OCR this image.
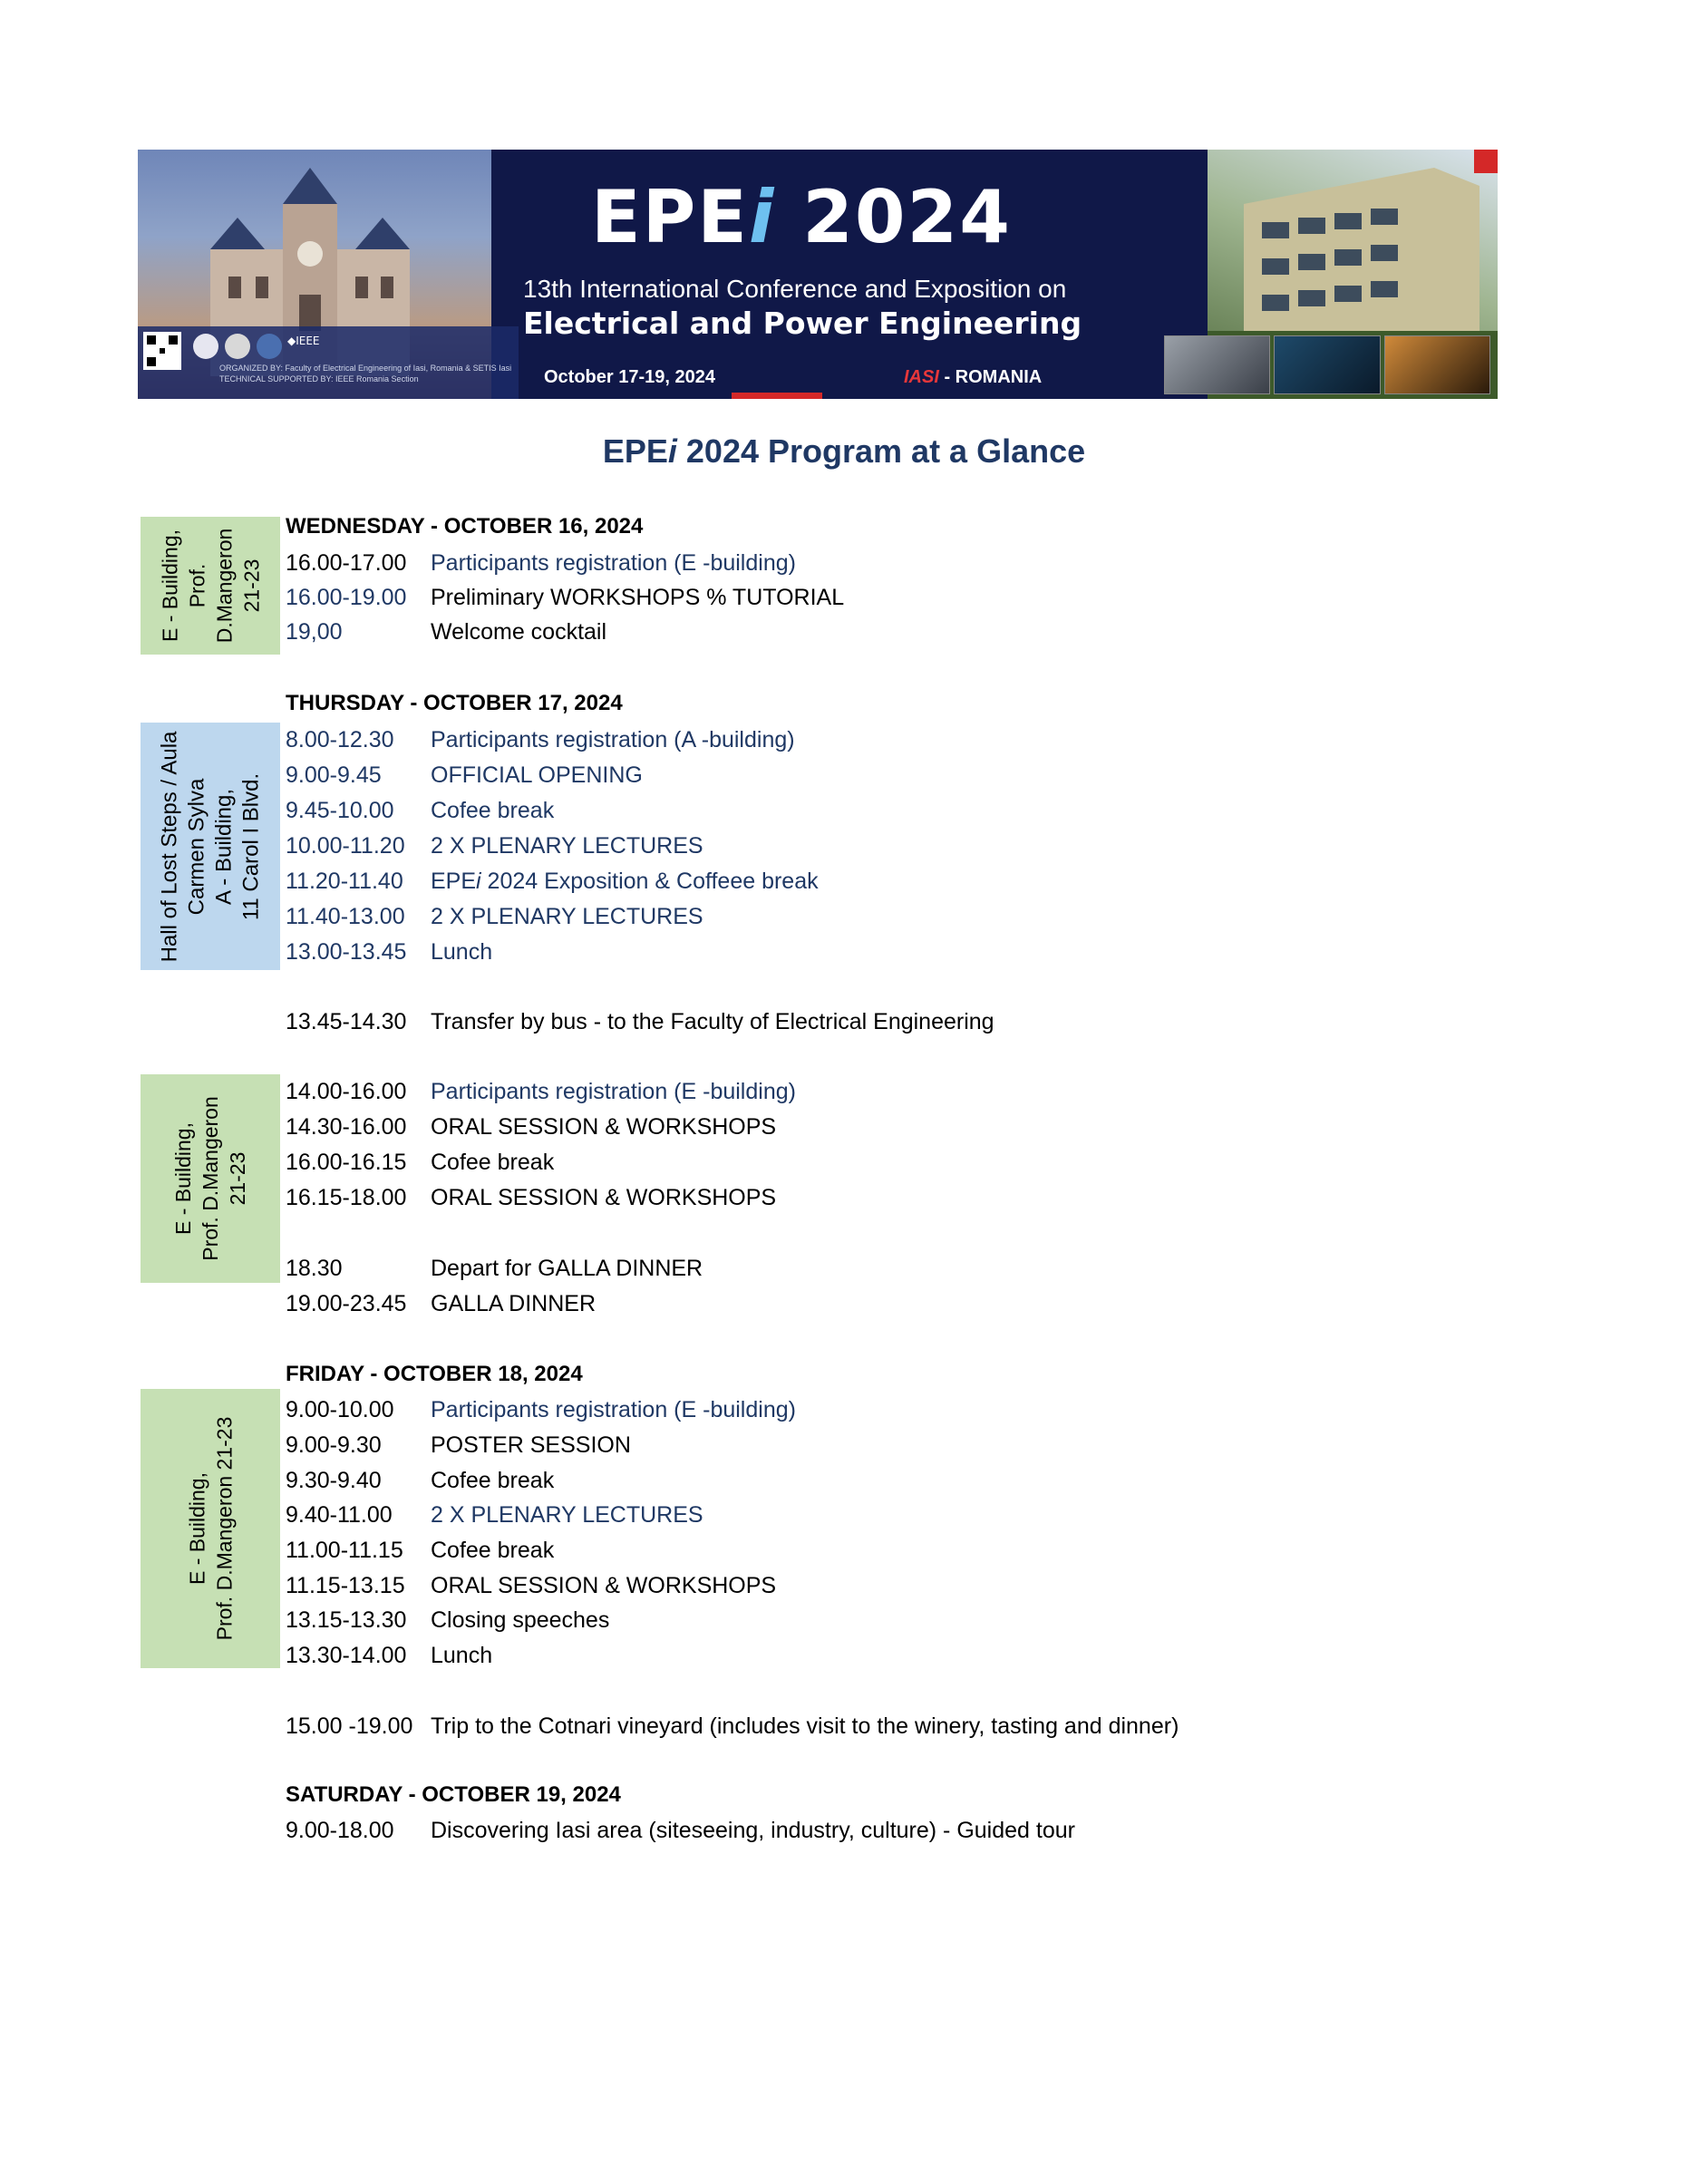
◆IEEE
ORGANIZED BY: Faculty of Electrical Engineering of Iasi, Romania & SETIS Iasi
TECHNICAL SUPPORTED BY: IEEE Romania Section
EPEi 2024
13th International Conference and Exposition on
Electrical and Power Engineering
October 17-19, 2024	IASI - ROMANIA
EPEi 2024 Program at a Glance
E - Building, Prof. D.Mangeron 21-23
Hall of Lost Steps / Aula Carmen Sylva A - Building, 11 Carol I Blvd.
E - Building, Prof. D.Mangeron 21-23
E - Building, Prof. D.Mangeron 21-23
WEDNESDAY - OCTOBER 16, 2024
16.00-17.00 Participants registration (E -building)
16.00-19.00 Preliminary WORKSHOPS % TUTORIAL
19,00	Welcome cocktail
THURSDAY - OCTOBER 17, 2024
8.00-12.30 Participants registration (A -building)
9.00-9.45 OFFICIAL OPENING
9.45-10.00 Cofee break
10.00-11.20 2 X PLENARY LECTURES
11.20-11.40 EPEi 2024 Exposition & Coffeee break
11.40-13.00 2 X PLENARY LECTURES
13.00-13.45 Lunch
13.45-14.30 Transfer by bus - to the Faculty of Electrical Engineering
14.00-16.00 Participants registration (E -building)
14.30-16.00 ORAL SESSION & WORKSHOPS
16.00-16.15 Cofee break
16.15-18.00 ORAL SESSION & WORKSHOPS
18.30	Depart for GALLA DINNER
19.00-23.45 GALLA DINNER
FRIDAY - OCTOBER 18, 2024
9.00-10.00 Participants registration (E -building)
9.00-9.30 POSTER SESSION
9.30-9.40 Cofee break
9.40-11.00 2 X PLENARY LECTURES
11.00-11.15 Cofee break
11.15-13.15 ORAL SESSION & WORKSHOPS
13.15-13.30 Closing speeches
13.30-14.00 Lunch
15.00 -19.00 Trip to the Cotnari vineyard (includes visit to the winery, tasting and dinner)
SATURDAY - OCTOBER 19, 2024
9.00-18.00 Discovering Iasi area (siteseeing, industry, culture) - Guided tour
